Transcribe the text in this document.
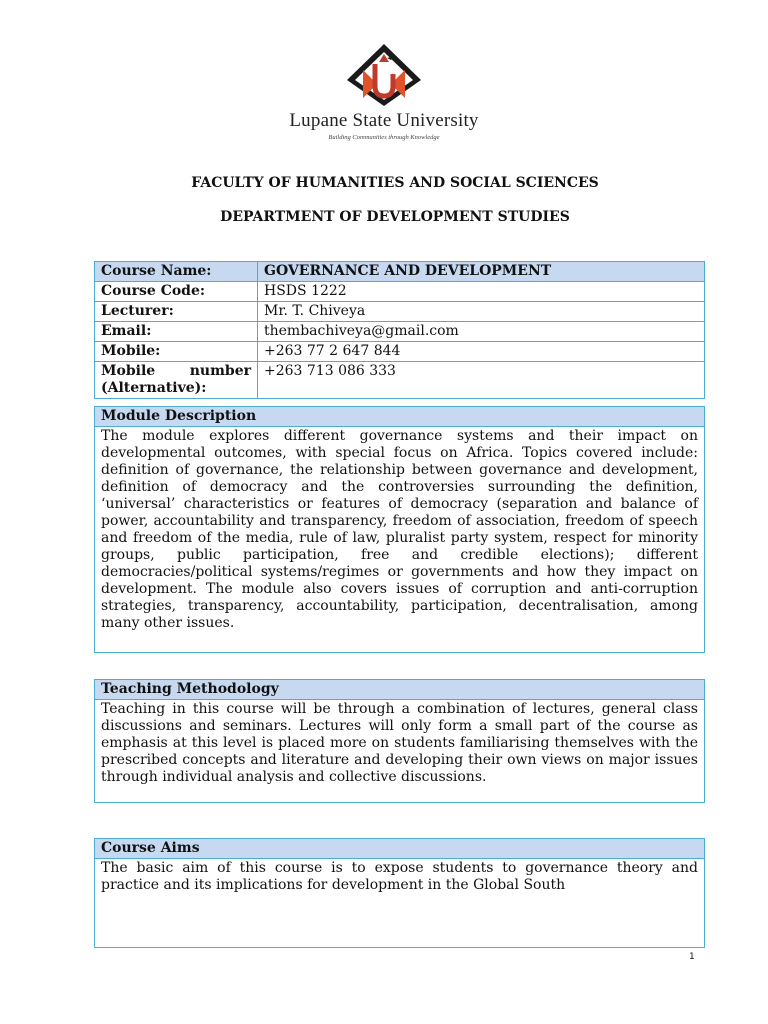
Lupane State University
Building Communities through Knowledge
FACULTY OF HUMANITIES AND SOCIAL SCIENCES
DEPARTMENT OF DEVELOPMENT STUDIES
Course Name:	GOVERNANCE AND DEVELOPMENT
Course Code:	HSDS 1222
Lecturer:	Mr. T. Chiveya
Email:	thembachiveya@gmail.com
Mobile:	+263 77 2 647 844

Mobile number
(Alternative):	+263 713 086 333
Module Description
The module explores different governance systems and their impact on developmental outcomes, with special focus on Africa. Topics covered include: definition of governance, the relationship between governance and development, definition of democracy and the controversies surrounding the definition, ‘universal’ characteristics or features of democracy (separation and balance of power, accountability and transparency, freedom of association, freedom of speech and freedom of the media, rule of law, pluralist party system, respect for minority groups, public participation, free and credible elections); different democracies/political systems/regimes or governments and how they impact on development. The module also covers issues of corruption and anti-corruption strategies, transparency, accountability, participation, decentralisation, among many other issues.
Teaching Methodology
Teaching in this course will be through a combination of lectures, general class discussions and seminars. Lectures will only form a small part of the course as emphasis at this level is placed more on students familiarising themselves with the prescribed concepts and literature and developing their own views on major issues through individual analysis and collective discussions.
Course Aims
The basic aim of this course is to expose students to governance theory and practice and its implications for development in the Global South
1
